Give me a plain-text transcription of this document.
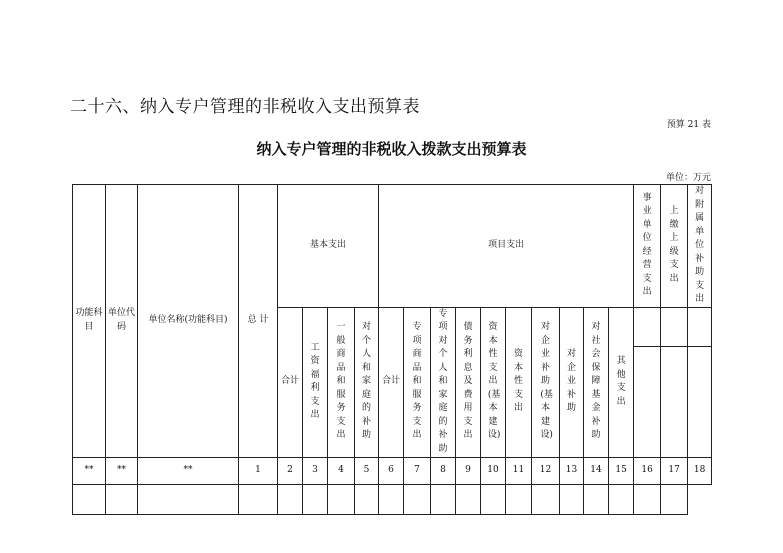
二十六、纳入专户管理的非税收入支出预算表
预算 21 表
纳入专户管理的非税收入拨款支出预算表
单位：万元
功能科目	单位代码	单位名称(功能科目)	总 计	基本支出				项目支出										事业单位经营支出	上缴上级支出	对附属单位补助支出
				合计	工资福利支出	一般商品和服务支出	对个人和家庭的补助	合计	专项商品和服务支出	专项对个人和家庭的补助	债务利息及费用支出	资本性支出(基本建设)	资本性支出	对企业补助(基本建设)	对企业补助	对社会保障基金补助	其他支出			

**	**	**	1	2	3	4	5	6	7	8	9	10	11	12	13	14	15	16	17	18
